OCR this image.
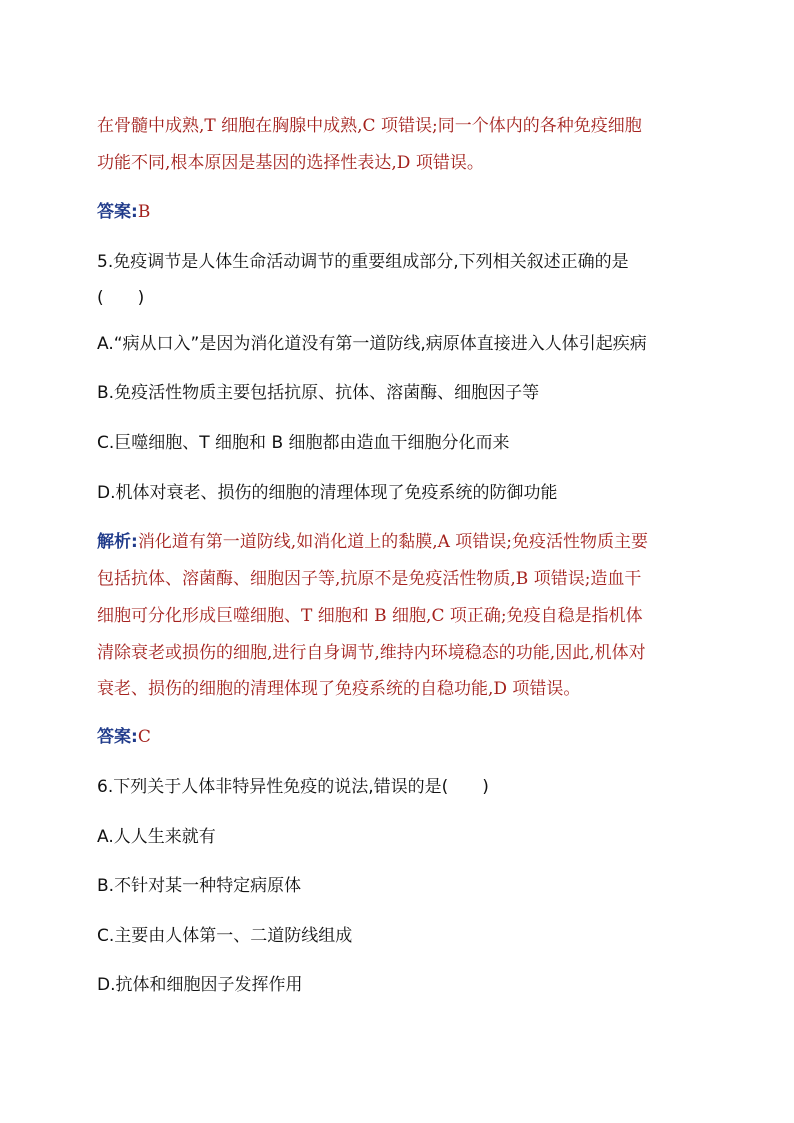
在骨髓中成熟,T 细胞在胸腺中成熟,C 项错误;同一个体内的各种免疫细胞
功能不同,根本原因是基因的选择性表达,D 项错误。
答案:B
5.免疫调节是人体生命活动调节的重要组成部分,下列相关叙述正确的是
(　　)
A.“病从口入”是因为消化道没有第一道防线,病原体直接进入人体引起疾病
B.免疫活性物质主要包括抗原、抗体、溶菌酶、细胞因子等
C.巨噬细胞、T 细胞和 B 细胞都由造血干细胞分化而来
D.机体对衰老、损伤的细胞的清理体现了免疫系统的防御功能
解析:消化道有第一道防线,如消化道上的黏膜,A 项错误;免疫活性物质主要
包括抗体、溶菌酶、细胞因子等,抗原不是免疫活性物质,B 项错误;造血干
细胞可分化形成巨噬细胞、T 细胞和 B 细胞,C 项正确;免疫自稳是指机体
清除衰老或损伤的细胞,进行自身调节,维持内环境稳态的功能,因此,机体对
衰老、损伤的细胞的清理体现了免疫系统的自稳功能,D 项错误。
答案:C
6.下列关于人体非特异性免疫的说法,错误的是(　　)
A.人人生来就有
B.不针对某一种特定病原体
C.主要由人体第一、二道防线组成
D.抗体和细胞因子发挥作用
